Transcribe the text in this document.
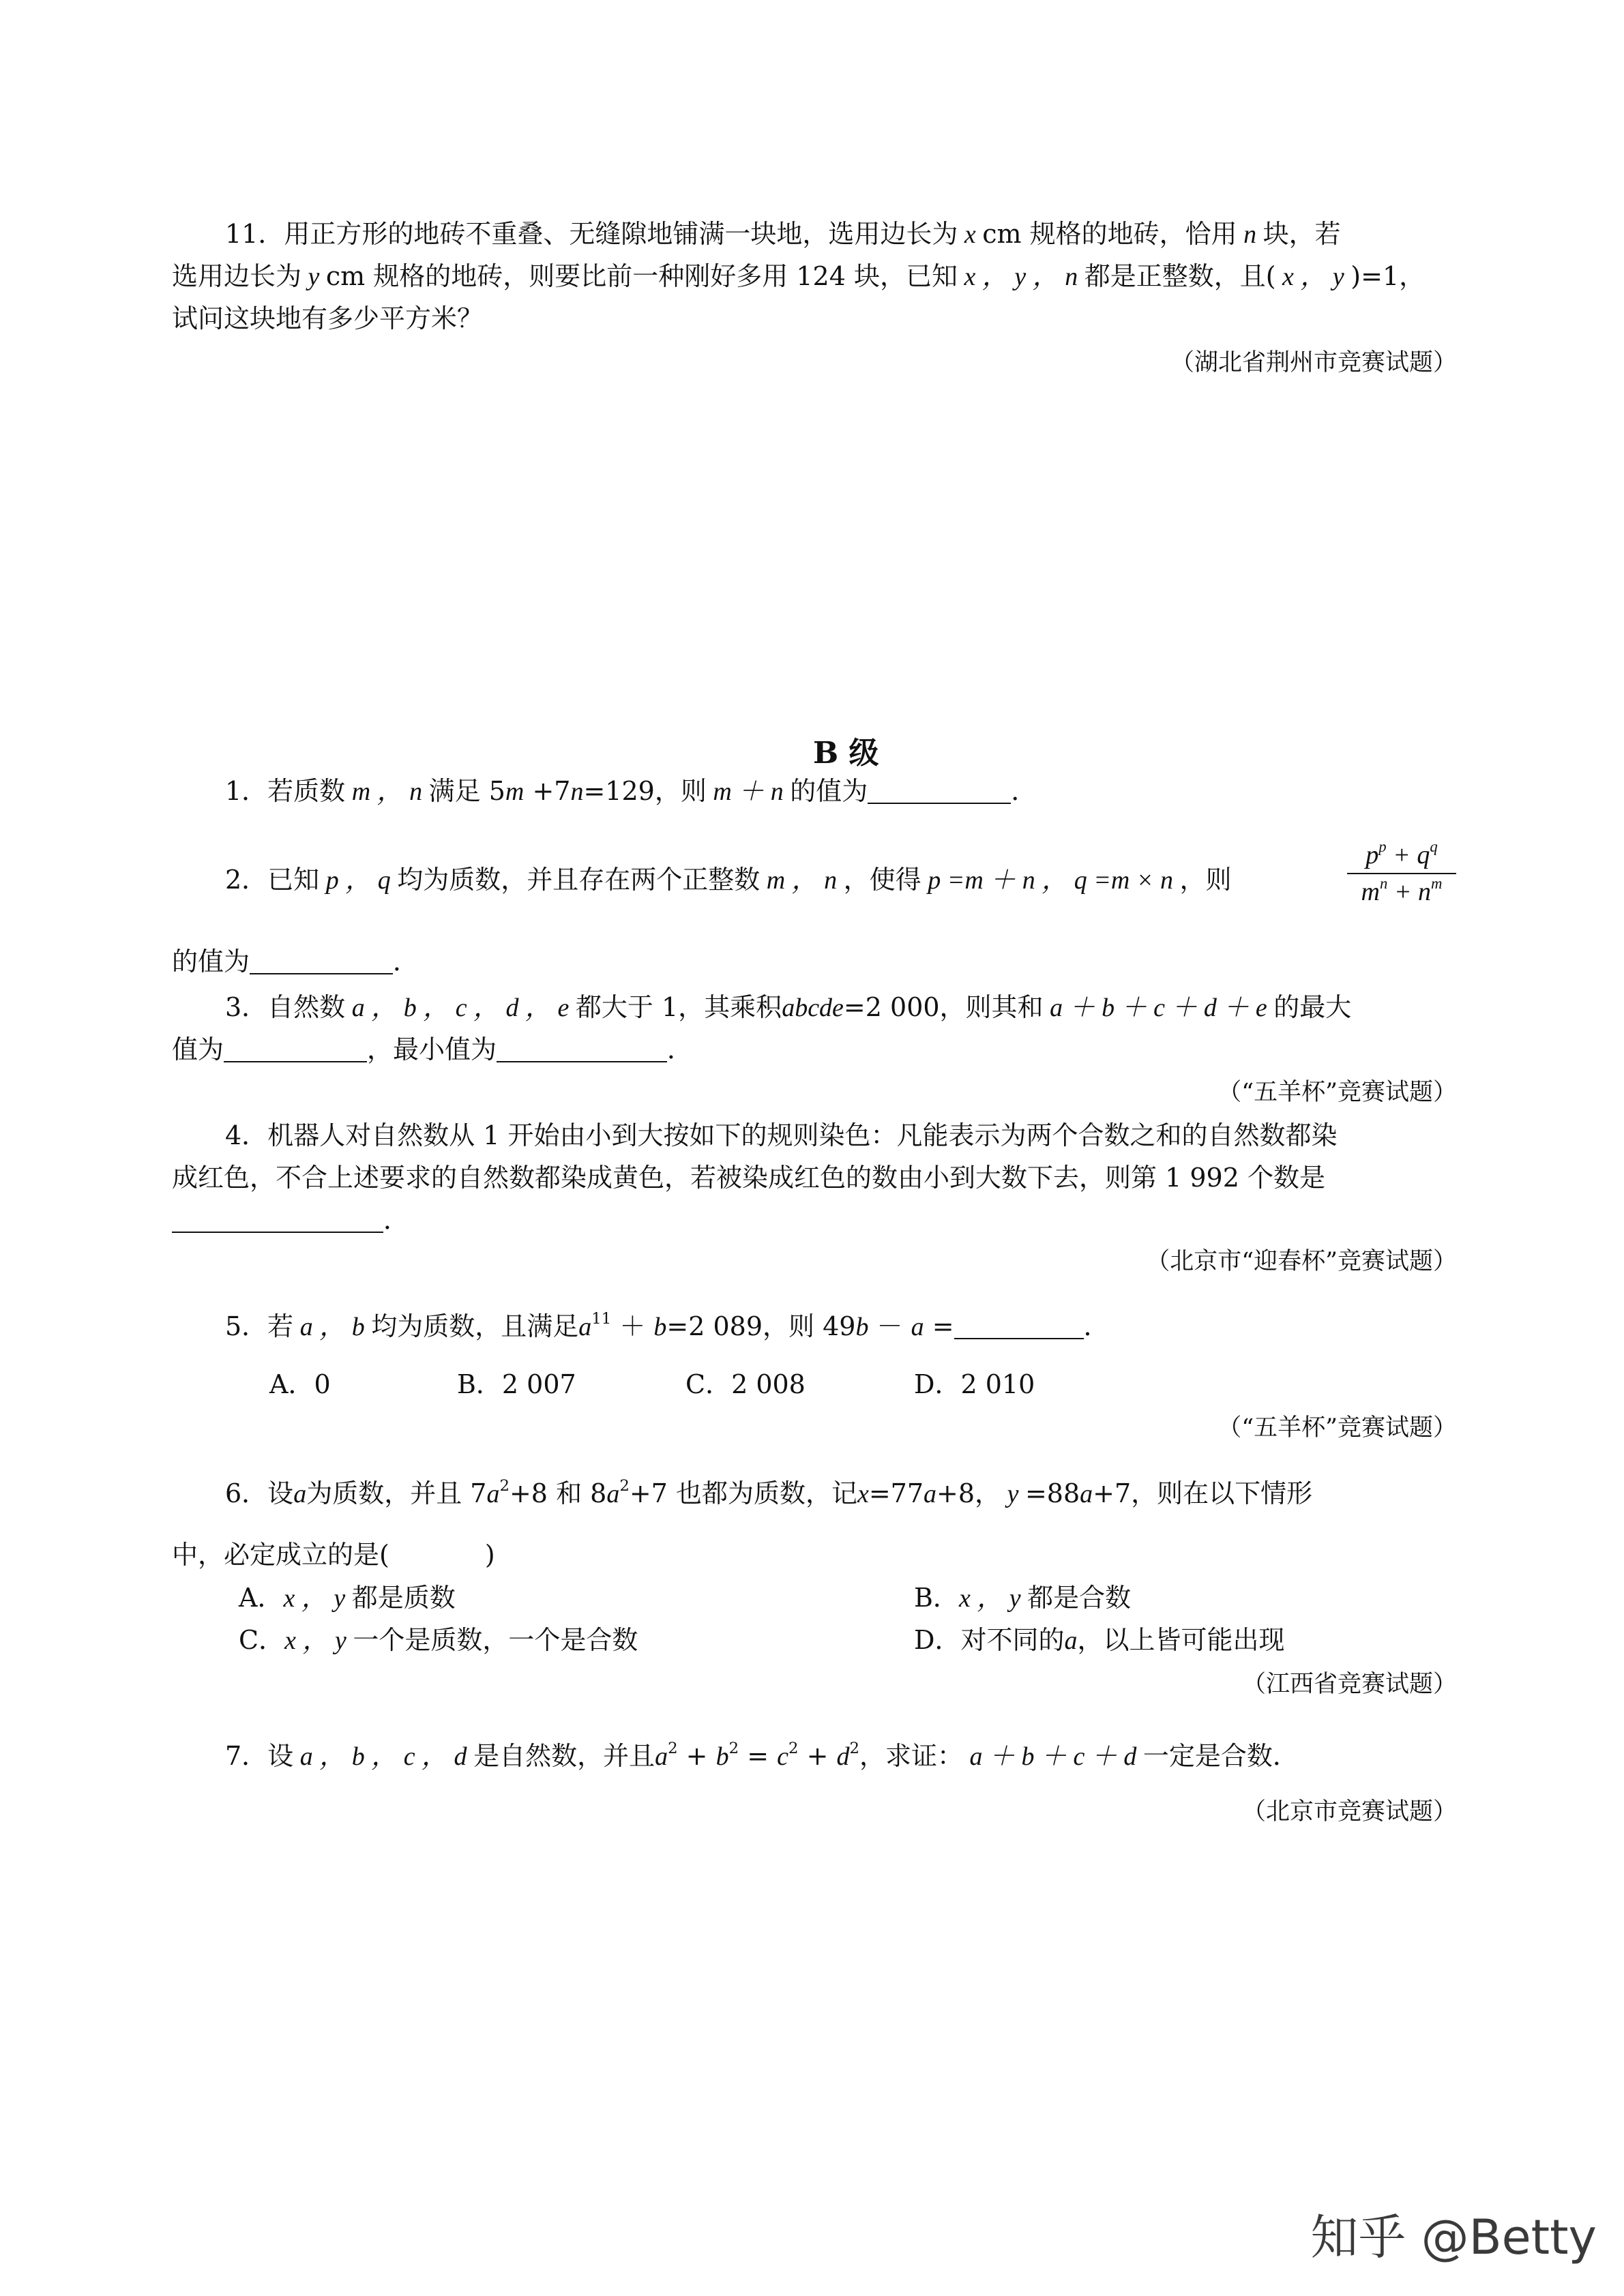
11．用正方形的地砖不重叠、无缝隙地铺满一块地，选用边长为 x cm 规格的地砖，恰用 n 块，若
选用边长为 y cm 规格的地砖，则要比前一种刚好多用 124 块，已知 x ， y ， n 都是正整数，且( x ， y )=1，
试问这块地有多少平方米？
（湖北省荆州市竞赛试题）
B 级
1．若质数 m ， n 满足 5m +7n=129，则 m ＋ n 的值为	．
2．已知 p ， q 均为质数，并且存在两个正整数 m ， n ，使得 p =m ＋ n ， q =m × n ，则
$p^p + q^q$
$m^n + n^m$
的值为	．
3．自然数 a ， b ， c ， d ， e 都大于 1，其乘积abcde=2 000，则其和 a ＋ b ＋ c ＋ d ＋ e 的最大
值为	，最小值为	．
（“五羊杯”竞赛试题）
4．机器人对自然数从 1 开始由小到大按如下的规则染色：凡能表示为两个合数之和的自然数都染
成红色，不合上述要求的自然数都染成黄色，若被染成红色的数由小到大数下去，则第 1 992 个数是
．
（北京市“迎春杯”竞赛试题）
5．若 a ， b 均为质数，且满足$a^{11} + b=2$ 089，则 49b － a =	．
A．0	B．2 007	C．2 008	D．2 010
（“五羊杯”竞赛试题）
6．设a为质数，并且 $7a^2+8$ 和 $8a^2+7$ 也都为质数，记x=77a+8， y =88a+7，则在以下情形
中，必定成立的是(	)
A．x ， y 都是质数	B．x ， y 都是合数
C．x ， y 一个是质数，一个是合数	D．对不同的a，以上皆可能出现
（江西省竞赛试题）
7．设 a ， b ， c ， d 是自然数，并且$a^2 + b^2 = c^2 + d^2$，求证： a ＋ b ＋ c ＋ d 一定是合数．
（北京市竞赛试题）
知乎 @Betty
